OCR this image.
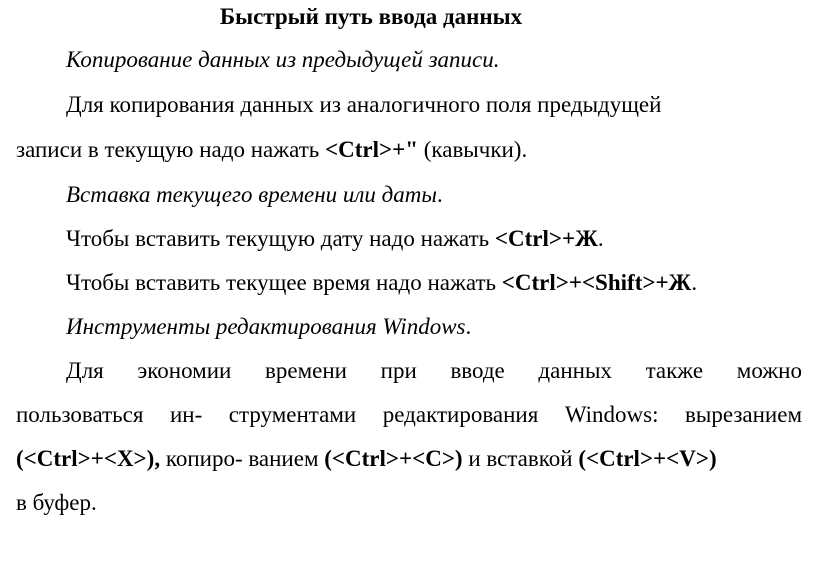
Быстрый путь ввода данных
Копирование данных из предыдущей записи.
Для копирования данных из аналогичного поля предыдущей
записи в текущую надо нажать <Ctrl>+" (кавычки).
Вставка текущего времени или даты.
Чтобы вставить текущую дату надо нажать <Ctrl>+Ж.
Чтобы вставить текущее время надо нажать <Ctrl>+<Shift>+Ж.
Инструменты редактирования Windows.
Для экономии времени при вводе данных также можно
пользоваться ин- струментами редактирования Windows: вырезанием
(<Ctrl>+<X>), копиро- ванием (<Ctrl>+<C>) и вставкой (<Ctrl>+<V>)
в буфер.
